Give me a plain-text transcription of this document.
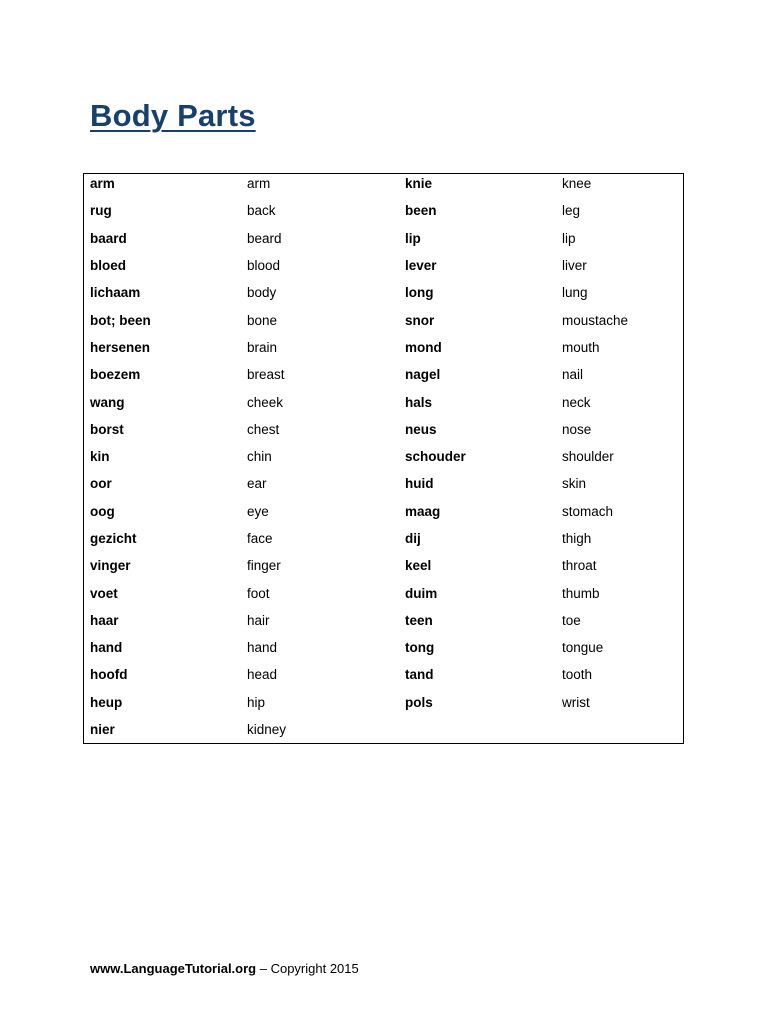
Body Parts
arm	arm	knie	knee
rug	back	been	leg
baard	beard	lip	lip
bloed	blood	lever	liver
lichaam	body	long	lung
bot; been	bone	snor	moustache
hersenen	brain	mond	mouth
boezem	breast	nagel	nail
wang	cheek	hals	neck
borst	chest	neus	nose
kin	chin	schouder	shoulder
oor	ear	huid	skin
oog	eye	maag	stomach
gezicht	face	dij	thigh
vinger	finger	keel	throat
voet	foot	duim	thumb
haar	hair	teen	toe
hand	hand	tong	tongue
hoofd	head	tand	tooth
heup	hip	pols	wrist
nier	kidney		
www.LanguageTutorial.org – Copyright 2015
